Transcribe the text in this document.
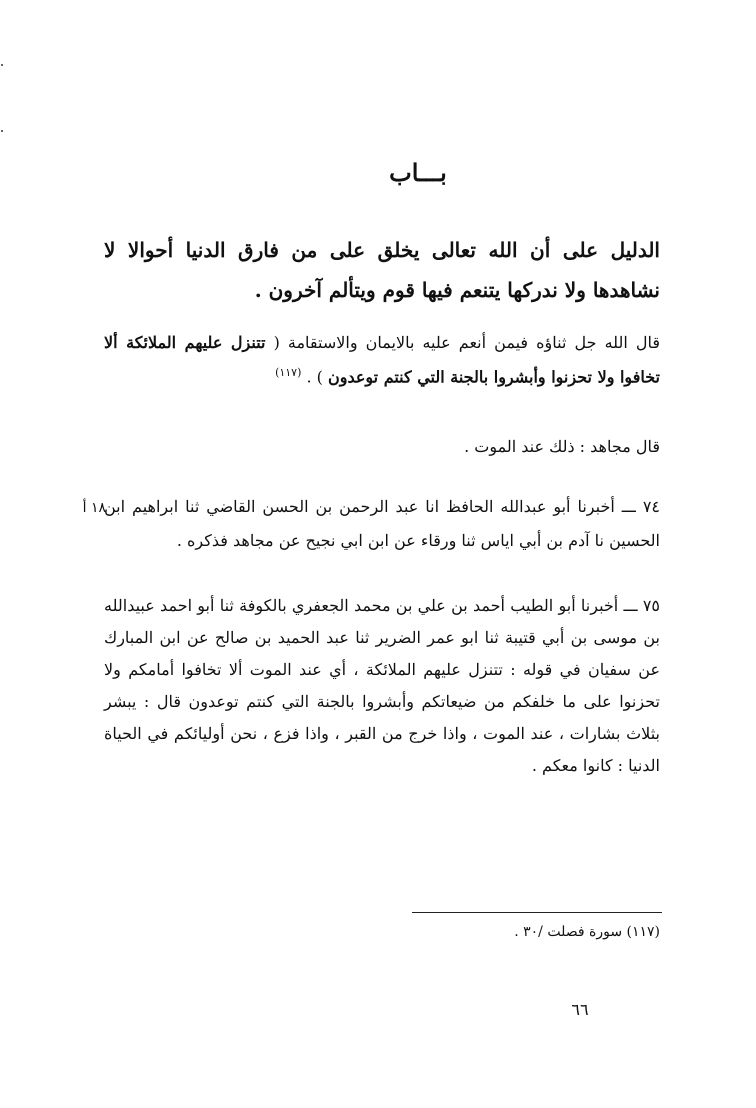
بـــاب
الدليل على أن الله تعالى يخلق على من فارق الدنيا أحوالا لا نشاهدها ولا ندركها يتنعم فيها قوم ويتألم آخرون .
قال الله جل ثناؤه فيمن أنعم عليه بالايمان والاستقامة ( تتنزل عليهم الملائكة ألا تخافوا ولا تحزنوا وأبشروا بالجنة التي كنتم توعدون ) . $^{(١١٧)}$
قال مجاهد : ذلك عند الموت .
١٨ أ
٧٤ ـــ أخبرنا أبو عبدالله الحافظ انا عبد الرحمن بن الحسن القاضي ثنا ابراهيم ابن الحسين نا آدم بن أبي اياس ثنا ورقاء عن ابن ابي نجيح عن مجاهد فذكره .
٧٥ ـــ أخبرنا أبو الطيب أحمد بن علي بن محمد الجعفري بالكوفة ثنا أبو احمد عبيدالله بن موسى بن أبي قتيبة ثنا ابو عمر الضرير ثنا عبد الحميد بن صالح عن ابن المبارك عن سفيان في قوله : تتنزل عليهم الملائكة ، أي عند الموت ألا تخافوا أمامكم ولا تحزنوا على ما خلفكم من ضيعاتكم وأبشروا بالجنة التي كنتم توعدون قال : يبشر بثلاث بشارات ، عند الموت ، واذا خرج من القبر ، واذا فزع ، نحن أوليائكم في الحياة الدنيا : كانوا معكم .
(١١٧) سورة فصلت /٣٠ .
٦٦
